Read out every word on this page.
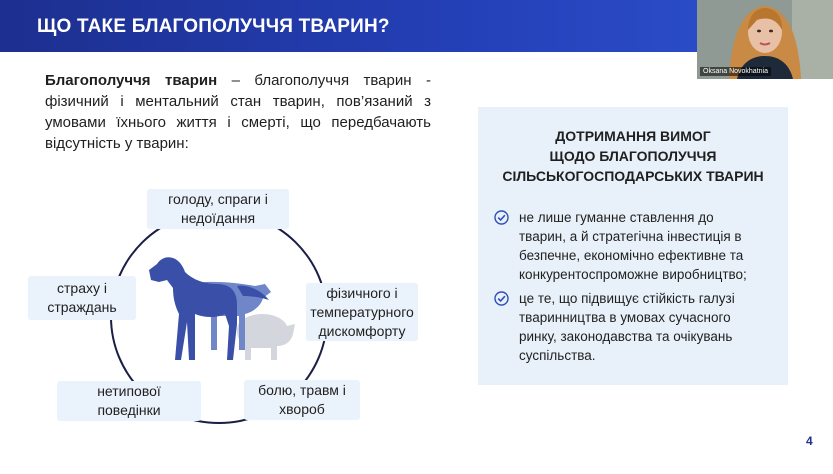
ЩО ТАКЕ БЛАГОПОЛУЧЧЯ ТВАРИН?
Oksana Novokhatnia
Благополуччя тварин – благополуччя тварин - фізичний і ментальний стан тварин, пов’язаний з умовами їхнього життя і смерті, що передбачають відсутність у тварин:
голоду, спраги і
недоїдання
фізичного і
температурного
дискомфорту
болю, травм і
хвороб
нетипової
поведінки
страху і
страждань
ДОТРИМАННЯ ВИМОГ
ЩОДО БЛАГОПОЛУЧЧЯ
СІЛЬСЬКОГОСПОДАРСЬКИХ ТВАРИН
не лише гуманне ставлення до
тварин, а й стратегічна інвестиція в
безпечне, економічно ефективне та
конкурентоспроможне виробництво;
це те, що підвищує стійкість галузі
тваринництва в умовах сучасного
ринку, законодавства та очікувань
суспільства.
4
